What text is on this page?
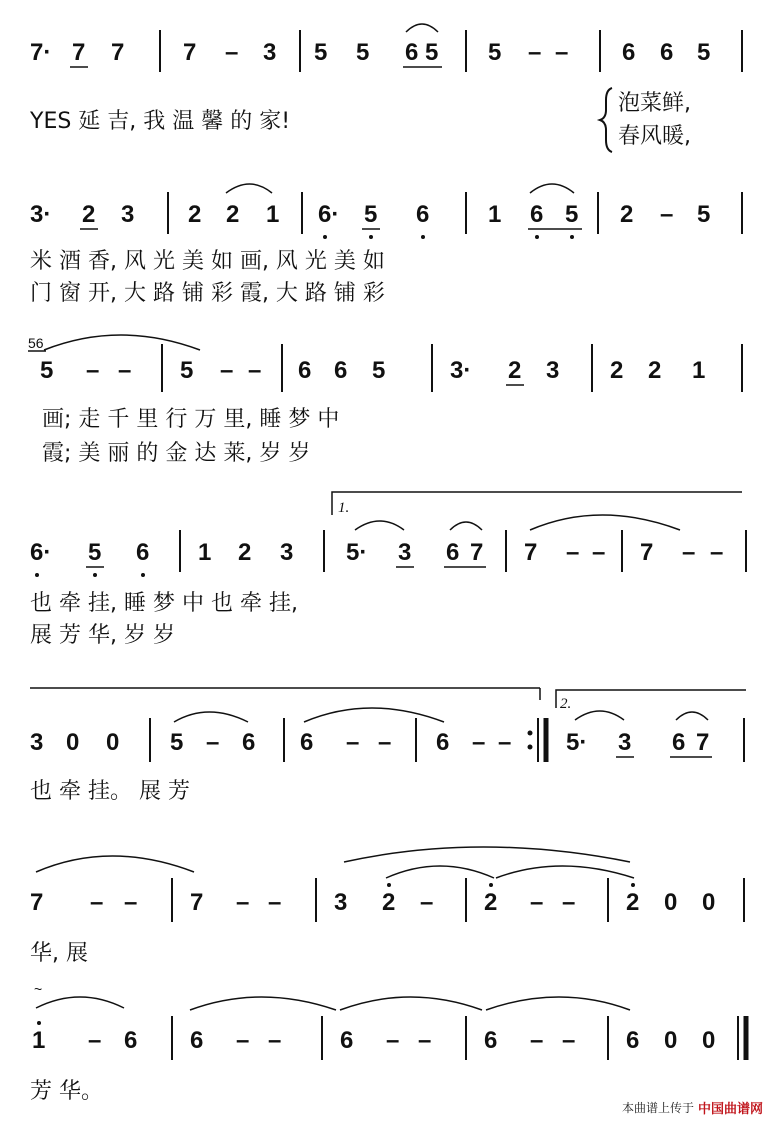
7· 7 7 7 – 3 5 5 6 5 5 – – 6 6 5
YES 延 吉, 我 温 馨 的 家!
泡菜鲜,
春风暖,
3· 2 3 2 2 1 6· 5 6 1 6 5 2 – 5
米 酒 香, 风 光 美 如 画, 风 光 美 如
门 窗 开, 大 路 铺 彩 霞, 大 路 铺 彩
56
5 – – 5 – – 6 6 5	3· 2 3 2 2 1
画; 走 千 里 行 万 里, 睡 梦 中
霞; 美 丽 的 金 达 莱, 岁 岁
1.
6· 5 6 1 2 3 5· 3 6 7 7 – – 7 – –
也 牵 挂, 睡 梦 中 也 牵 挂,
展 芳 华, 岁 岁
2.
3 0 0 5 – 6 6 – – 6 – – 5· 3 6 7
也 牵 挂。 展 芳
7 – – 7 – – 3 2 – 2 – – 2 0 0
华, 展
~
1 – 6 6 – – 6 – – 6 – – 6 0 0
芳 华。
本曲谱上传于 中国曲谱网
